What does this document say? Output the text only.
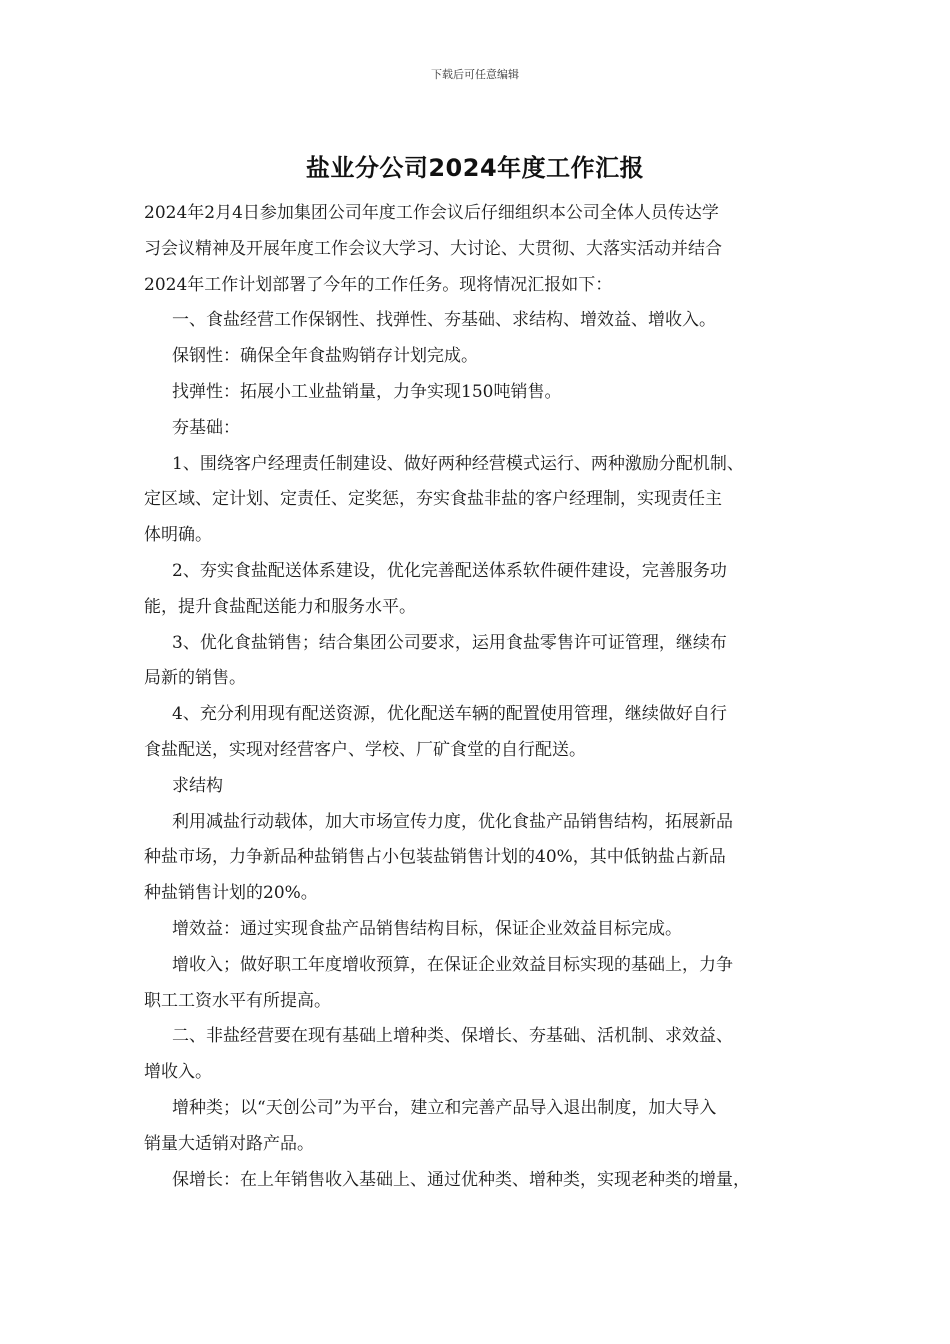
下载后可任意编辑
盐业分公司2024年度工作汇报

2024年2月4日参加集团公司年度工作会议后仔细组织本公司全体人员传达学

习会议精神及开展年度工作会议大学习、大讨论、大贯彻、大落实活动并结合

2024年工作计划部署了今年的工作任务。现将情况汇报如下：

一、食盐经营工作保钢性、找弹性、夯基础、求结构、增效益、增收入。

保钢性：确保全年食盐购销存计划完成。

找弹性：拓展小工业盐销量，力争实现150吨销售。

夯基础：

1、围绕客户经理责任制建设、做好两种经营模式运行、两种激励分配机制、

定区域、定计划、定责任、定奖惩，夯实食盐非盐的客户经理制，实现责任主

体明确。

2、夯实食盐配送体系建设，优化完善配送体系软件硬件建设，完善服务功

能，提升食盐配送能力和服务水平。

3、优化食盐销售；结合集团公司要求，运用食盐零售许可证管理，继续布

局新的销售。

4、充分利用现有配送资源，优化配送车辆的配置使用管理，继续做好自行

食盐配送，实现对经营客户、学校、厂矿食堂的自行配送。

求结构

利用减盐行动载体，加大市场宣传力度，优化食盐产品销售结构，拓展新品

种盐市场，力争新品种盐销售占小包装盐销售计划的40%，其中低钠盐占新品

种盐销售计划的20%。

增效益：通过实现食盐产品销售结构目标，保证企业效益目标完成。

增收入；做好职工年度增收预算，在保证企业效益目标实现的基础上，力争

职工工资水平有所提高。

二、非盐经营要在现有基础上增种类、保增长、夯基础、活机制、求效益、

增收入。

增种类；以“天创公司”为平台，建立和完善产品导入退出制度，加大导入

销量大适销对路产品。

保增长：在上年销售收入基础上、通过优种类、增种类，实现老种类的增量，
